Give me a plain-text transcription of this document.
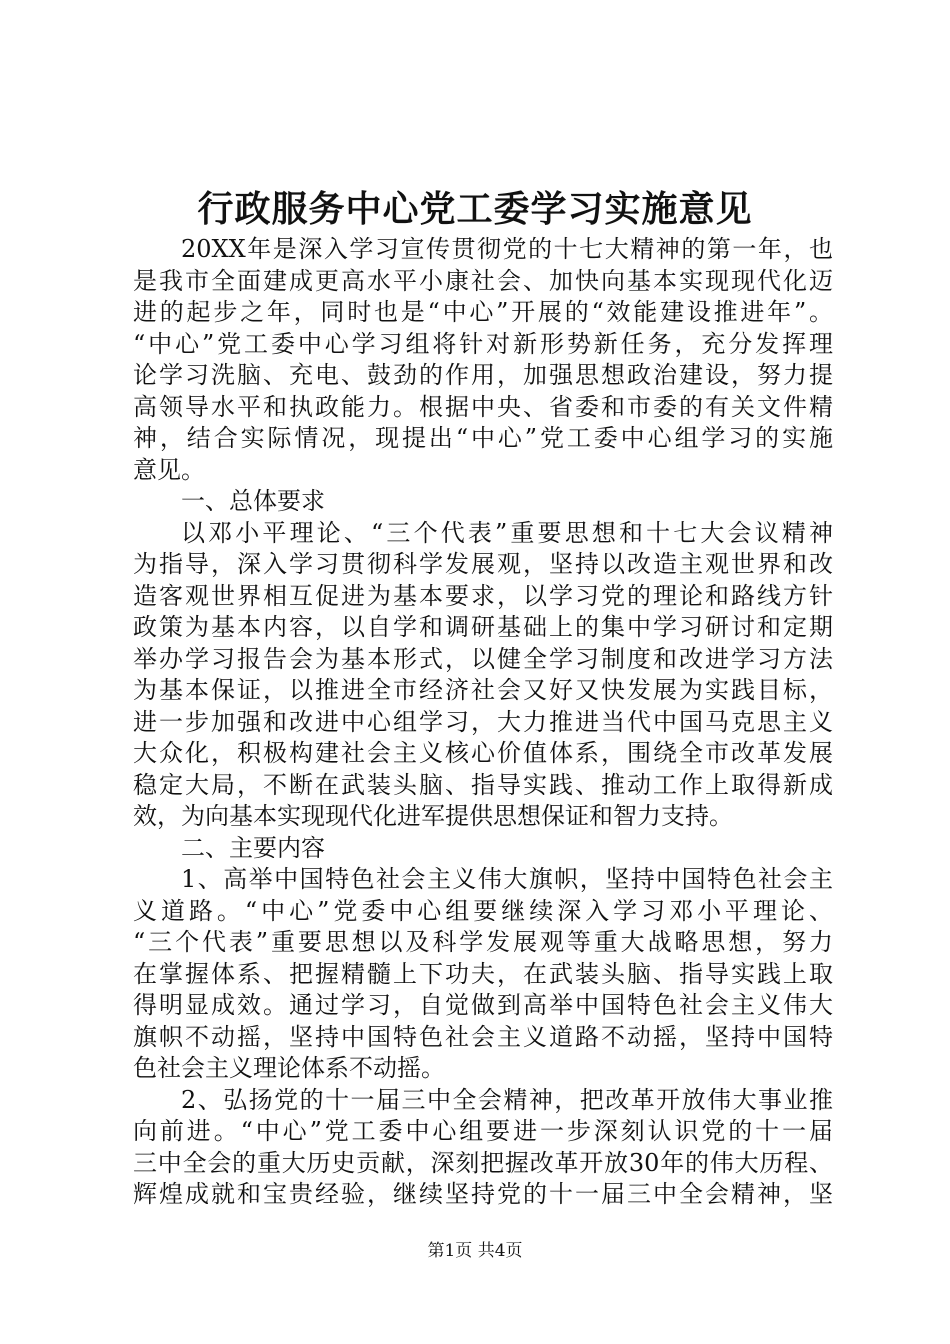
行政服务中心党工委学习实施意见
20XX年是深入学习宣传贯彻党的十七大精神的第一年，也
是我市全面建成更高水平小康社会、加快向基本实现现代化迈
进的起步之年，同时也是“中心”开展的“效能建设推进年”。
“中心”党工委中心学习组将针对新形势新任务，充分发挥理
论学习洗脑、充电、鼓劲的作用，加强思想政治建设，努力提
高领导水平和执政能力。根据中央、省委和市委的有关文件精
神，结合实际情况，现提出“中心”党工委中心组学习的实施
意见。
一、总体要求
以邓小平理论、“三个代表”重要思想和十七大会议精神
为指导，深入学习贯彻科学发展观，坚持以改造主观世界和改
造客观世界相互促进为基本要求，以学习党的理论和路线方针
政策为基本内容，以自学和调研基础上的集中学习研讨和定期
举办学习报告会为基本形式，以健全学习制度和改进学习方法
为基本保证，以推进全市经济社会又好又快发展为实践目标，
进一步加强和改进中心组学习，大力推进当代中国马克思主义
大众化，积极构建社会主义核心价值体系，围绕全市改革发展
稳定大局，不断在武装头脑、指导实践、推动工作上取得新成
效，为向基本实现现代化进军提供思想保证和智力支持。
二、主要内容
1、高举中国特色社会主义伟大旗帜，坚持中国特色社会主
义道路。“中心”党委中心组要继续深入学习邓小平理论、
“三个代表”重要思想以及科学发展观等重大战略思想，努力
在掌握体系、把握精髓上下功夫，在武装头脑、指导实践上取
得明显成效。通过学习，自觉做到高举中国特色社会主义伟大
旗帜不动摇，坚持中国特色社会主义道路不动摇，坚持中国特
色社会主义理论体系不动摇。
2、弘扬党的十一届三中全会精神，把改革开放伟大事业推
向前进。“中心”党工委中心组要进一步深刻认识党的十一届
三中全会的重大历史贡献，深刻把握改革开放30年的伟大历程、
辉煌成就和宝贵经验，继续坚持党的十一届三中全会精神，坚
第1页 共4页
